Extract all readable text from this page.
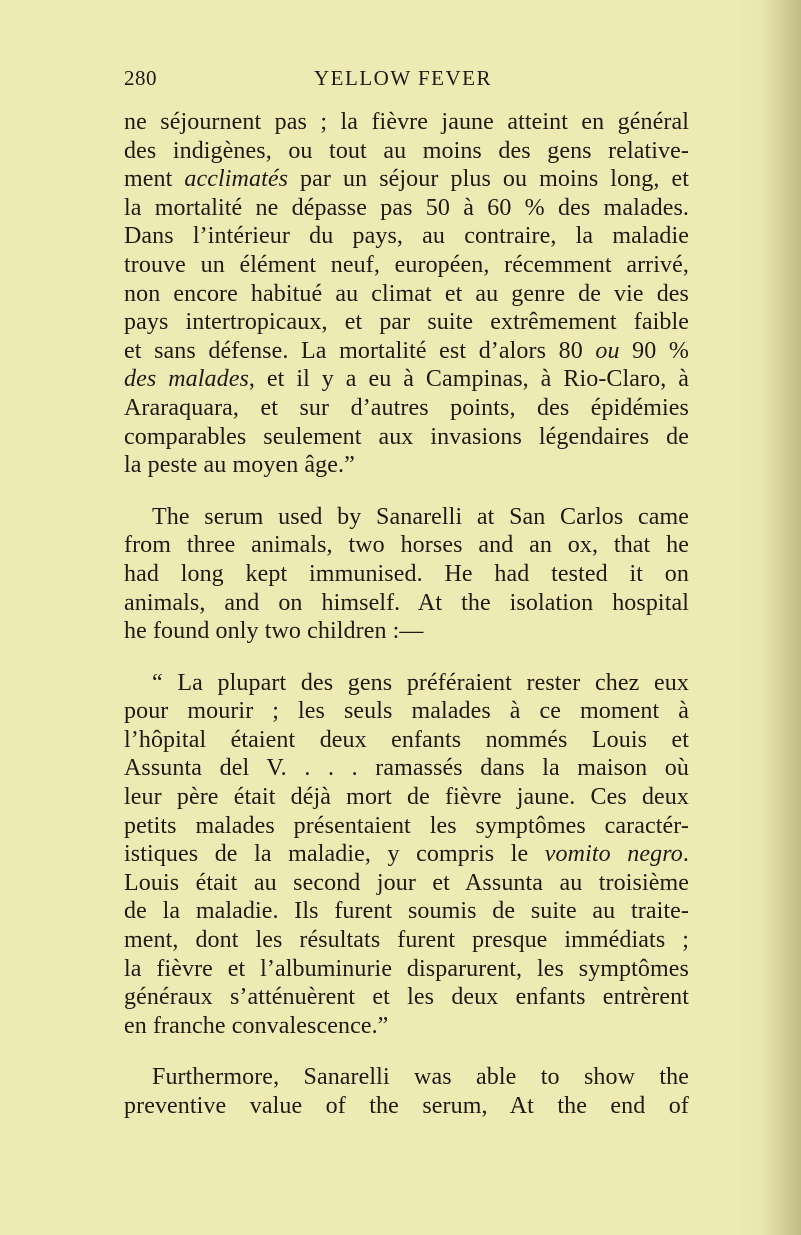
280	YELLOW FEVER
ne séjournent pas ; la fièvre jaune atteint en général
des indigènes, ou tout au moins des gens relative-
ment acclimatés par un séjour plus ou moins long, et
la mortalité ne dépasse pas 50 à 60 % des malades.
Dans l’intérieur du pays, au contraire, la maladie
trouve un élément neuf, européen, récemment arrivé,
non encore habitué au climat et au genre de vie des
pays intertropicaux, et par suite extrêmement faible
et sans défense. La mortalité est d’alors 80 ou 90 %
des malades, et il y a eu à Campinas, à Rio-Claro, à
Araraquara, et sur d’autres points, des épidémies
comparables seulement aux invasions légendaires de
la peste au moyen âge.”
The serum used by Sanarelli at San Carlos came
from three animals, two horses and an ox, that he
had long kept immunised. He had tested it on
animals, and on himself. At the isolation hospital
he found only two children :—
“ La plupart des gens préféraient rester chez eux
pour mourir ; les seuls malades à ce moment à
l’hôpital étaient deux enfants nommés Louis et
Assunta del V. . . . ramassés dans la maison où
leur père était déjà mort de fièvre jaune. Ces deux
petits malades présentaient les symptômes caractér-
istiques de la maladie, y compris le vomito negro.
Louis était au second jour et Assunta au troisième
de la maladie. Ils furent soumis de suite au traite-
ment, dont les résultats furent presque immédiats ;
la fièvre et l’albuminurie disparurent, les symptômes
généraux s’atténuèrent et les deux enfants entrèrent
en franche convalescence.”
Furthermore, Sanarelli was able to show the
preventive value of the serum, At the end of
